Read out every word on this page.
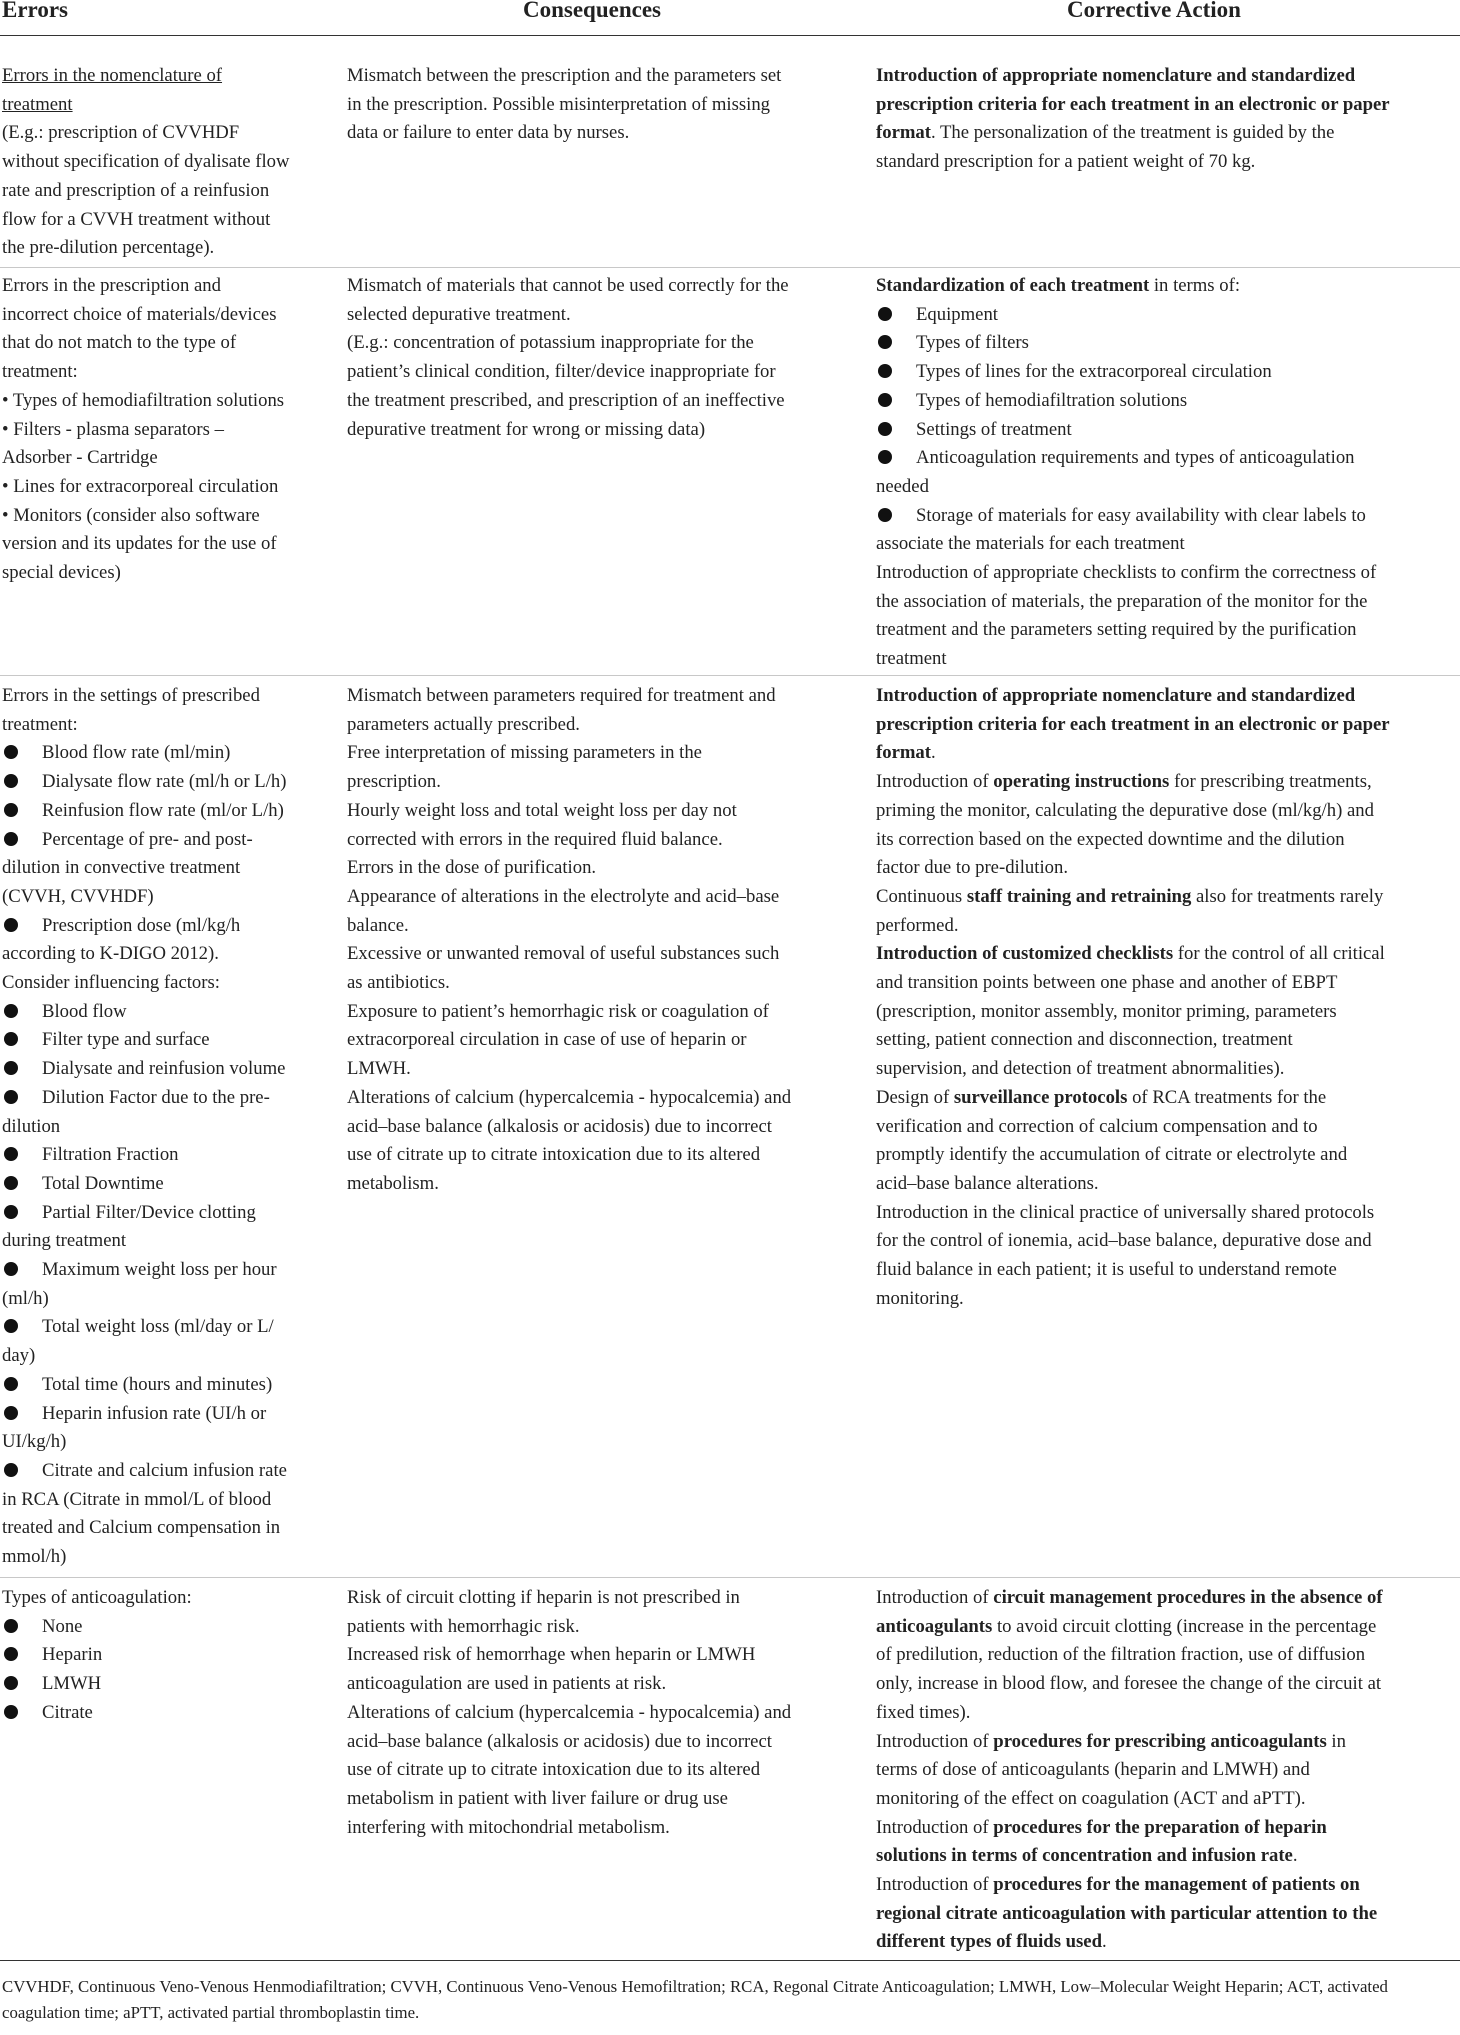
Errors	Consequences	Corrective Action
Errors in the nomenclature of
treatment
(E.g.: prescription of CVVHDF
without specification of dyalisate flow
rate and prescription of a reinfusion
flow for a CVVH treatment without
the pre-dilution percentage).
Mismatch between the prescription and the parameters set
in the prescription. Possible misinterpretation of missing
data or failure to enter data by nurses.
Introduction of appropriate nomenclature and standardized
prescription criteria for each treatment in an electronic or paper
format. The personalization of the treatment is guided by the
standard prescription for a patient weight of 70 kg.
Errors in the prescription and
incorrect choice of materials/devices
that do not match to the type of
treatment:
• Types of hemodiafiltration solutions
• Filters - plasma separators –
Adsorber - Cartridge
• Lines for extracorporeal circulation
• Monitors (consider also software
version and its updates for the use of
special devices)
Mismatch of materials that cannot be used correctly for the
selected depurative treatment.
(E.g.: concentration of potassium inappropriate for the
patient’s clinical condition, filter/device inappropriate for
the treatment prescribed, and prescription of an ineffective
depurative treatment for wrong or missing data)
Standardization of each treatment in terms of:
Equipment
Types of filters
Types of lines for the extracorporeal circulation
Types of hemodiafiltration solutions
Settings of treatment
Anticoagulation requirements and types of anticoagulation
needed
Storage of materials for easy availability with clear labels to
associate the materials for each treatment
Introduction of appropriate checklists to confirm the correctness of
the association of materials, the preparation of the monitor for the
treatment and the parameters setting required by the purification
treatment
Errors in the settings of prescribed
treatment:
Blood flow rate (ml/min)
Dialysate flow rate (ml/h or L/h)
Reinfusion flow rate (ml/or L/h)
Percentage of pre- and post-
dilution in convective treatment
(CVVH, CVVHDF)
Prescription dose (ml/kg/h
according to K-DIGO 2012).
Consider influencing factors:
Blood flow
Filter type and surface
Dialysate and reinfusion volume
Dilution Factor due to the pre-
dilution
Filtration Fraction
Total Downtime
Partial Filter/Device clotting
during treatment
Maximum weight loss per hour
(ml/h)
Total weight loss (ml/day or L/
day)
Total time (hours and minutes)
Heparin infusion rate (UI/h or
UI/kg/h)
Citrate and calcium infusion rate
in RCA (Citrate in mmol/L of blood
treated and Calcium compensation in
mmol/h)
Mismatch between parameters required for treatment and
parameters actually prescribed.
Free interpretation of missing parameters in the
prescription.
Hourly weight loss and total weight loss per day not
corrected with errors in the required fluid balance.
Errors in the dose of purification.
Appearance of alterations in the electrolyte and acid–base
balance.
Excessive or unwanted removal of useful substances such
as antibiotics.
Exposure to patient’s hemorrhagic risk or coagulation of
extracorporeal circulation in case of use of heparin or
LMWH.
Alterations of calcium (hypercalcemia - hypocalcemia) and
acid–base balance (alkalosis or acidosis) due to incorrect
use of citrate up to citrate intoxication due to its altered
metabolism.
Introduction of appropriate nomenclature and standardized
prescription criteria for each treatment in an electronic or paper
format.
Introduction of operating instructions for prescribing treatments,
priming the monitor, calculating the depurative dose (ml/kg/h) and
its correction based on the expected downtime and the dilution
factor due to pre-dilution.
Continuous staff training and retraining also for treatments rarely
performed.
Introduction of customized checklists for the control of all critical
and transition points between one phase and another of EBPT
(prescription, monitor assembly, monitor priming, parameters
setting, patient connection and disconnection, treatment
supervision, and detection of treatment abnormalities).
Design of surveillance protocols of RCA treatments for the
verification and correction of calcium compensation and to
promptly identify the accumulation of citrate or electrolyte and
acid–base balance alterations.
Introduction in the clinical practice of universally shared protocols
for the control of ionemia, acid–base balance, depurative dose and
fluid balance in each patient; it is useful to understand remote
monitoring.
Types of anticoagulation:
None
Heparin
LMWH
Citrate
Risk of circuit clotting if heparin is not prescribed in
patients with hemorrhagic risk.
Increased risk of hemorrhage when heparin or LMWH
anticoagulation are used in patients at risk.
Alterations of calcium (hypercalcemia - hypocalcemia) and
acid–base balance (alkalosis or acidosis) due to incorrect
use of citrate up to citrate intoxication due to its altered
metabolism in patient with liver failure or drug use
interfering with mitochondrial metabolism.
Introduction of circuit management procedures in the absence of
anticoagulants to avoid circuit clotting (increase in the percentage
of predilution, reduction of the filtration fraction, use of diffusion
only, increase in blood flow, and foresee the change of the circuit at
fixed times).
Introduction of procedures for prescribing anticoagulants in
terms of dose of anticoagulants (heparin and LMWH) and
monitoring of the effect on coagulation (ACT and aPTT).
Introduction of procedures for the preparation of heparin
solutions in terms of concentration and infusion rate.
Introduction of procedures for the management of patients on
regional citrate anticoagulation with particular attention to the
different types of fluids used.
CVVHDF, Continuous Veno-Venous Henmodiafiltration; CVVH, Continuous Veno-Venous Hemofiltration; RCA, Regonal Citrate Anticoagulation; LMWH, Low–Molecular Weight Heparin; ACT, activated coagulation time; aPTT, activated partial thromboplastin time.
